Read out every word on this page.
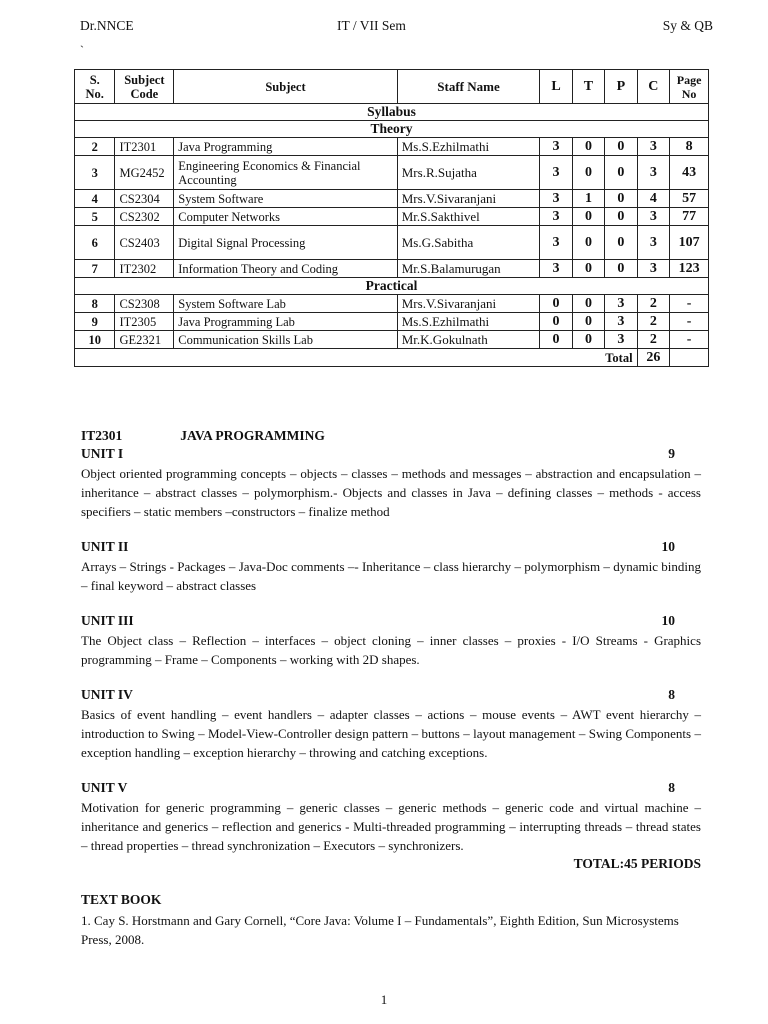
Dr.NNCE	IT / VII Sem	Sy & QB
`
S. No.	Subject Code	Subject	Staff Name	L	T	P	C	Page No
Syllabus								
Theory								
2	IT2301	Java Programming	Ms.S.Ezhilmathi	3	0	0	3	8
3	MG2452	Engineering Economics & Financial Accounting	Mrs.R.Sujatha	3	0	0	3	43
4	CS2304	System Software	Mrs.V.Sivaranjani	3	1	0	4	57
5	CS2302	Computer Networks	Mr.S.Sakthivel	3	0	0	3	77
6	CS2403	Digital Signal Processing	Ms.G.Sabitha	3	0	0	3	107
7	IT2302	Information Theory and Coding	Mr.S.Balamurugan	3	0	0	3	123
Practical								
8	CS2308	System Software Lab	Mrs.V.Sivaranjani	0	0	3	2	-
9	IT2305	Java Programming Lab	Ms.S.Ezhilmathi	0	0	3	2	-
10	GE2321	Communication Skills Lab	Mr.K.Gokulnath	0	0	3	2	-
Total							26	
IT2301	JAVA PROGRAMMING
UNIT I	9
Object oriented programming concepts – objects – classes – methods and messages – abstraction and encapsulation – inheritance – abstract classes – polymorphism.- Objects and classes in Java – defining classes – methods - access specifiers – static members –constructors – finalize method
UNIT II	10
Arrays – Strings - Packages – Java-Doc comments –- Inheritance – class hierarchy – polymorphism – dynamic binding – final keyword – abstract classes
UNIT III	10
The Object class – Reflection – interfaces – object cloning – inner classes – proxies - I/O Streams - Graphics programming – Frame – Components – working with 2D shapes.
UNIT IV	8
Basics of event handling – event handlers – adapter classes – actions – mouse events – AWT event hierarchy – introduction to Swing – Model-View-Controller design pattern – buttons – layout management – Swing Components – exception handling – exception hierarchy – throwing and catching exceptions.
UNIT V	8
Motivation for generic programming – generic classes – generic methods – generic code and virtual machine – inheritance and generics – reflection and generics - Multi-threaded programming – interrupting threads – thread states – thread properties – thread synchronization – Executors – synchronizers.
TOTAL:45 PERIODS
TEXT BOOK
1. Cay S. Horstmann and Gary Cornell, “Core Java: Volume I – Fundamentals”, Eighth Edition, Sun Microsystems Press, 2008.
1
